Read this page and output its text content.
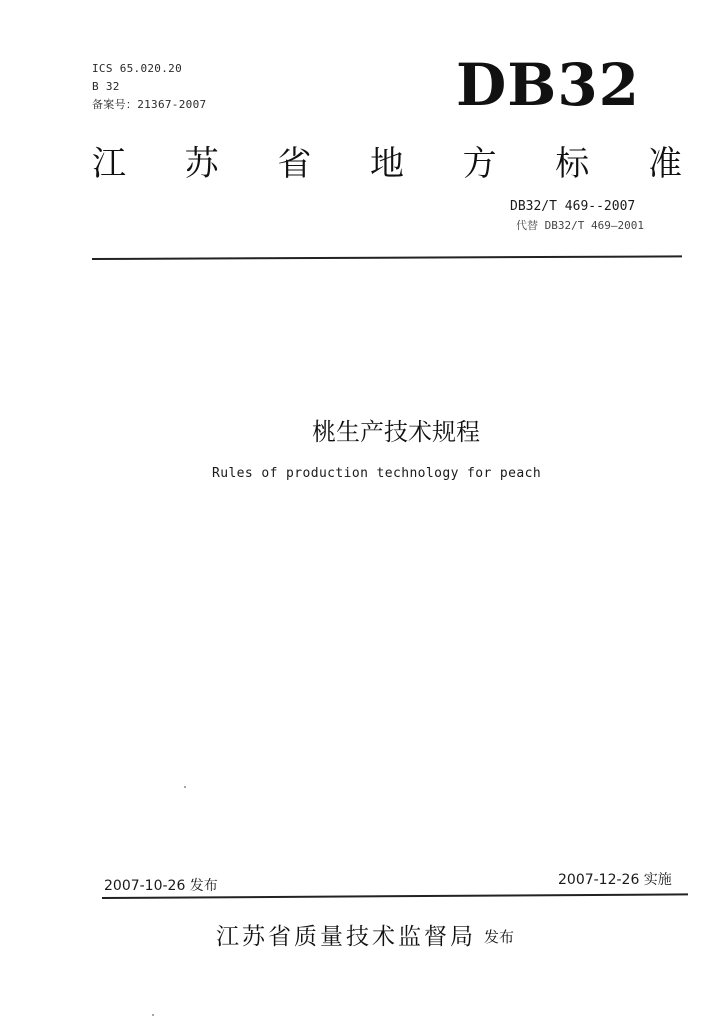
ICS 65.020.20
B 32
备案号：21367-2007	DB32
江 苏 省 地 方 标 准
DB32/T 469--2007
代替 DB32/T 469—2001
桃生产技术规程
Rules of production technology for peach
2007-10-26 发布	2007-12-26 实施
江苏省质量技术监督局 发布
